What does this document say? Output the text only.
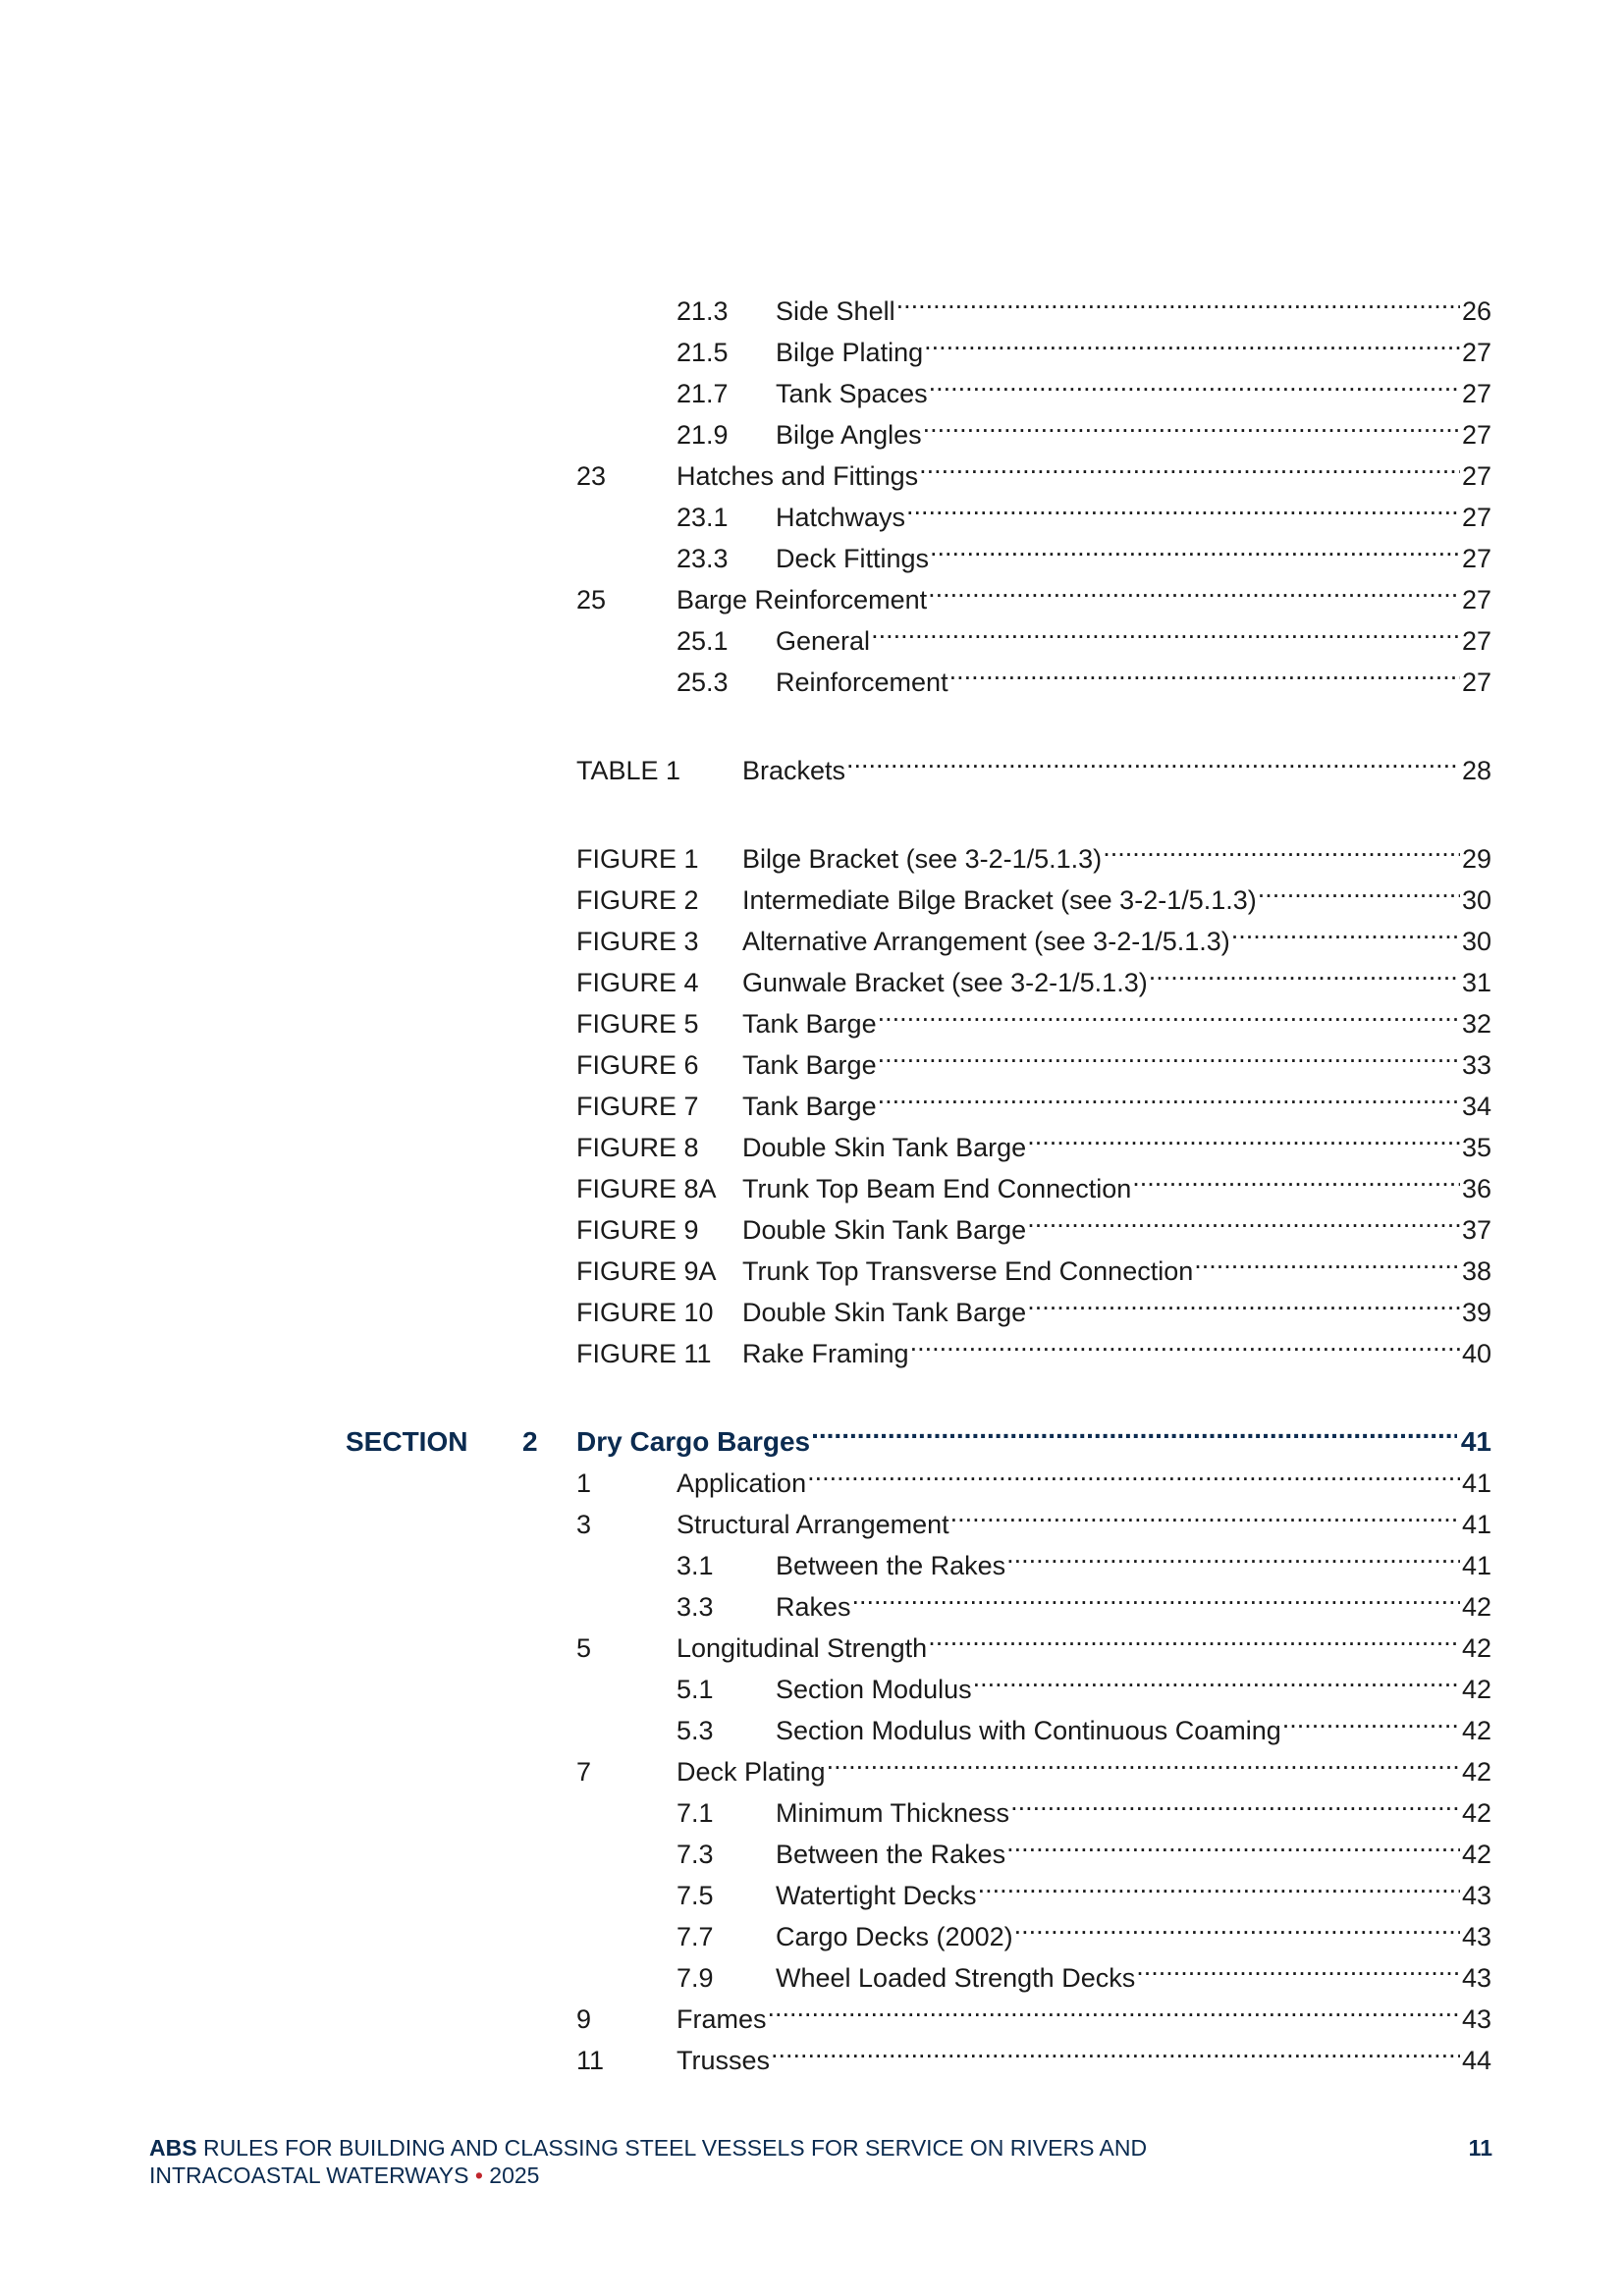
21.3	Side Shell .....	26
21.5	Bilge Plating .....	27
21.7	Tank Spaces .....	27
21.9	Bilge Angles .....	27
23	Hatches and Fittings .....	27
23.1	Hatchways .....	27
23.3	Deck Fittings .....	27
25	Barge Reinforcement .....	27
25.1	General .....	27
25.3	Reinforcement .....	27
TABLE 1	Brackets .....	28
FIGURE 1	Bilge Bracket (see 3-2-1/5.1.3) .....	29
FIGURE 2	Intermediate Bilge Bracket (see 3-2-1/5.1.3) .....	30
FIGURE 3	Alternative Arrangement (see 3-2-1/5.1.3) .....	30
FIGURE 4	Gunwale Bracket (see 3-2-1/5.1.3) .....	31
FIGURE 5	Tank Barge .....	32
FIGURE 6	Tank Barge .....	33
FIGURE 7	Tank Barge .....	34
FIGURE 8	Double Skin Tank Barge .....	35
FIGURE 8A Trunk Top Beam End Connection .....	36
FIGURE 9	Double Skin Tank Barge .....	37
FIGURE 9A Trunk Top Transverse End Connection .....	38
FIGURE 10	Double Skin Tank Barge .....	39
FIGURE 11	Rake Framing .....	40
SECTION	2	Dry Cargo Barges .....	41
1	Application .....	41
3	Structural Arrangement .....	41
3.1	Between the Rakes .....	41
3.3	Rakes .....	42
5	Longitudinal Strength .....	42
5.1	Section Modulus .....	42
5.3	Section Modulus with Continuous Coaming .....	42
7	Deck Plating .....	42
7.1	Minimum Thickness .....	42
7.3	Between the Rakes .....	42
7.5	Watertight Decks .....	43
7.7	Cargo Decks (2002) .....	43
7.9	Wheel Loaded Strength Decks .....	43
9	Frames .....	43
11	Trusses .....	44
ABS RULES FOR BUILDING AND CLASSING STEEL VESSELS FOR SERVICE ON RIVERS AND
INTRACOASTAL WATERWAYS • 2025
11
